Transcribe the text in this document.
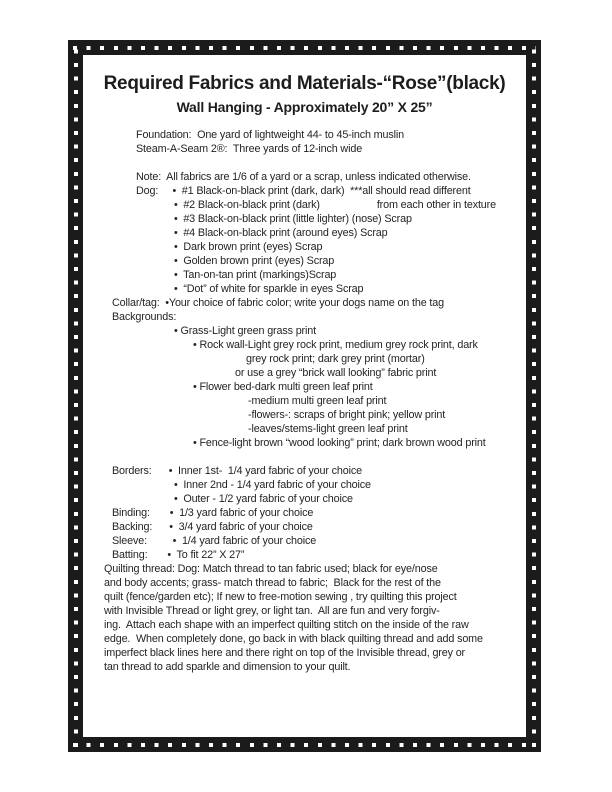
Required Fabrics and Materials-“Rose”(black)
Wall Hanging - Approximately 20” X 25”
Foundation:  One yard of lightweight 44- to 45-inch muslin
Steam-A-Seam 2®:  Three yards of 12-inch wide
Note:  All fabrics are 1/6 of a yard or a scrap, unless indicated otherwise.
Dog:     •  #1 Black-on-black print (dark, dark)  ***all should read different
•  #2 Black-on-black print (dark)                    from each other in texture
•  #3 Black-on-black print (little lighter) (nose) Scrap
•  #4 Black-on-black print (around eyes) Scrap
•  Dark brown print (eyes) Scrap
•  Golden brown print (eyes) Scrap
•  Tan-on-tan print (markings)Scrap
•  “Dot” of white for sparkle in eyes Scrap
Collar/tag:  •Your choice of fabric color; write your dogs name on the tag
Backgrounds:
• Grass-Light green grass print
• Rock wall-Light grey rock print, medium grey rock print, dark
grey rock print; dark grey print (mortar)
or use a grey “brick wall looking” fabric print
• Flower bed-dark multi green leaf print
-medium multi green leaf print
-flowers-: scraps of bright pink; yellow print
-leaves/stems-light green leaf print
• Fence-light brown “wood looking” print; dark brown wood print
Borders:      •  Inner 1st-  1/4 yard fabric of your choice
•  Inner 2nd - 1/4 yard fabric of your choice
•  Outer - 1/2 yard fabric of your choice
Binding:       •  1/3 yard fabric of your choice
Backing:      •  3/4 yard fabric of your choice
Sleeve:         •  1/4 yard fabric of your choice
Batting:       •  To fit 22” X 27”
Quilting thread: Dog: Match thread to tan fabric used; black for eye/nose
and body accents; grass- match thread to fabric;  Black for the rest of the
quilt (fence/garden etc); If new to free-motion sewing , try quilting this project
with Invisible Thread or light grey, or light tan.  All are fun and very forgiv-
ing.  Attach each shape with an imperfect quilting stitch on the inside of the raw
edge.  When completely done, go back in with black quilting thread and add some
imperfect black lines here and there right on top of the Invisible thread, grey or
tan thread to add sparkle and dimension to your quilt.
